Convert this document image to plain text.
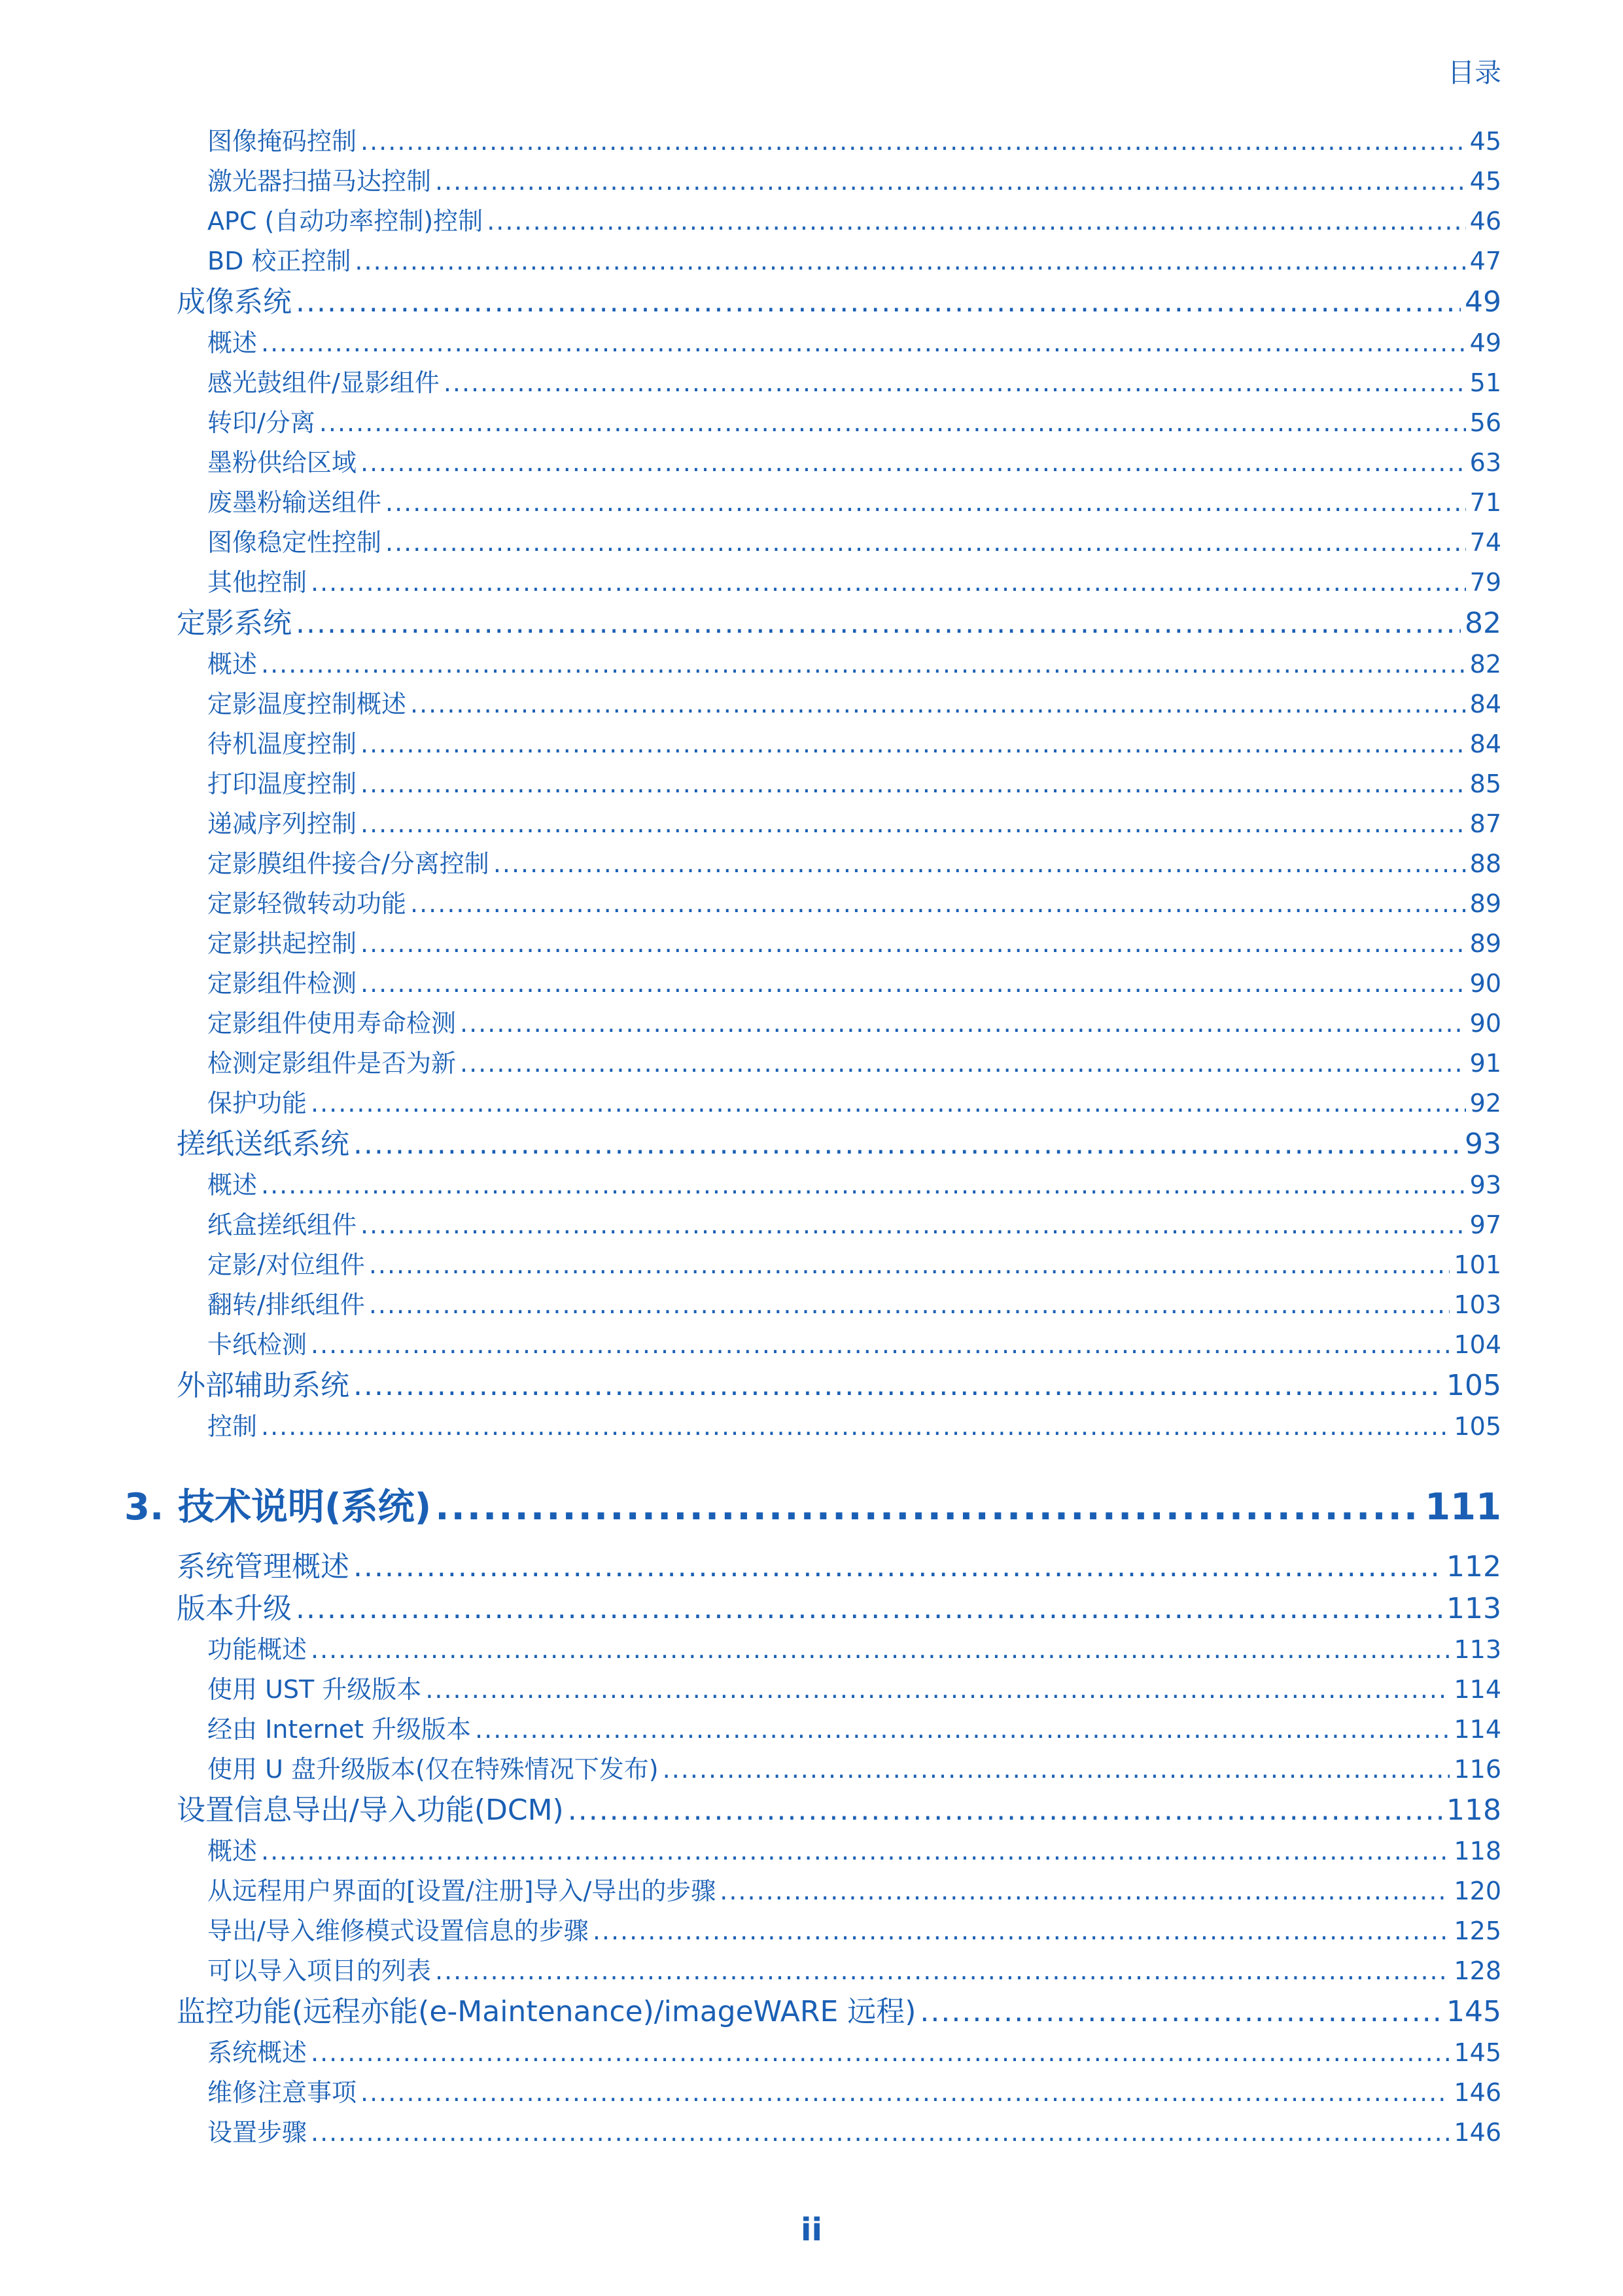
目录
图像掩码控制 .....	45
激光器扫描马达控制 .....	45
APC (自动功率控制)控制 .....	46
BD 校正控制 .....	47
成像系统 .....	49
概述 .....	49
感光鼓组件/显影组件 .....	51
转印/分离 .....	56
墨粉供给区域 .....	63
废墨粉输送组件 .....	71
图像稳定性控制 .....	74
其他控制 .....	79
定影系统 .....	82
概述 .....	82
定影温度控制概述 .....	84
待机温度控制 .....	84
打印温度控制 .....	85
递减序列控制 .....	87
定影膜组件接合/分离控制 .....	88
定影轻微转动功能 .....	89
定影拱起控制 .....	89
定影组件检测 .....	90
定影组件使用寿命检测 .....	90
检测定影组件是否为新 .....	91
保护功能 .....	92
搓纸送纸系统 .....	93
概述 .....	93
纸盒搓纸组件 .....	97
定影/对位组件 .....	101
翻转/排纸组件 .....	103
卡纸检测 .....	104
外部辅助系统 .....	105
控制 .....	105
3. 技术说明(系统) .....	111
系统管理概述 .....	112
版本升级 .....	113
功能概述 .....	113
使用 UST 升级版本 .....	114
经由 Internet 升级版本 .....	114
使用 U 盘升级版本(仅在特殊情况下发布) .....	116
设置信息导出/导入功能(DCM) .....	118
概述 .....	118
从远程用户界面的[设置/注册]导入/导出的步骤 .....	120
导出/导入维修模式设置信息的步骤 .....	125
可以导入项目的列表 .....	128
监控功能(远程亦能(e-Maintenance)/imageWARE 远程) .....	145
系统概述 .....	145
维修注意事项 .....	146
设置步骤 .....	146
ii
